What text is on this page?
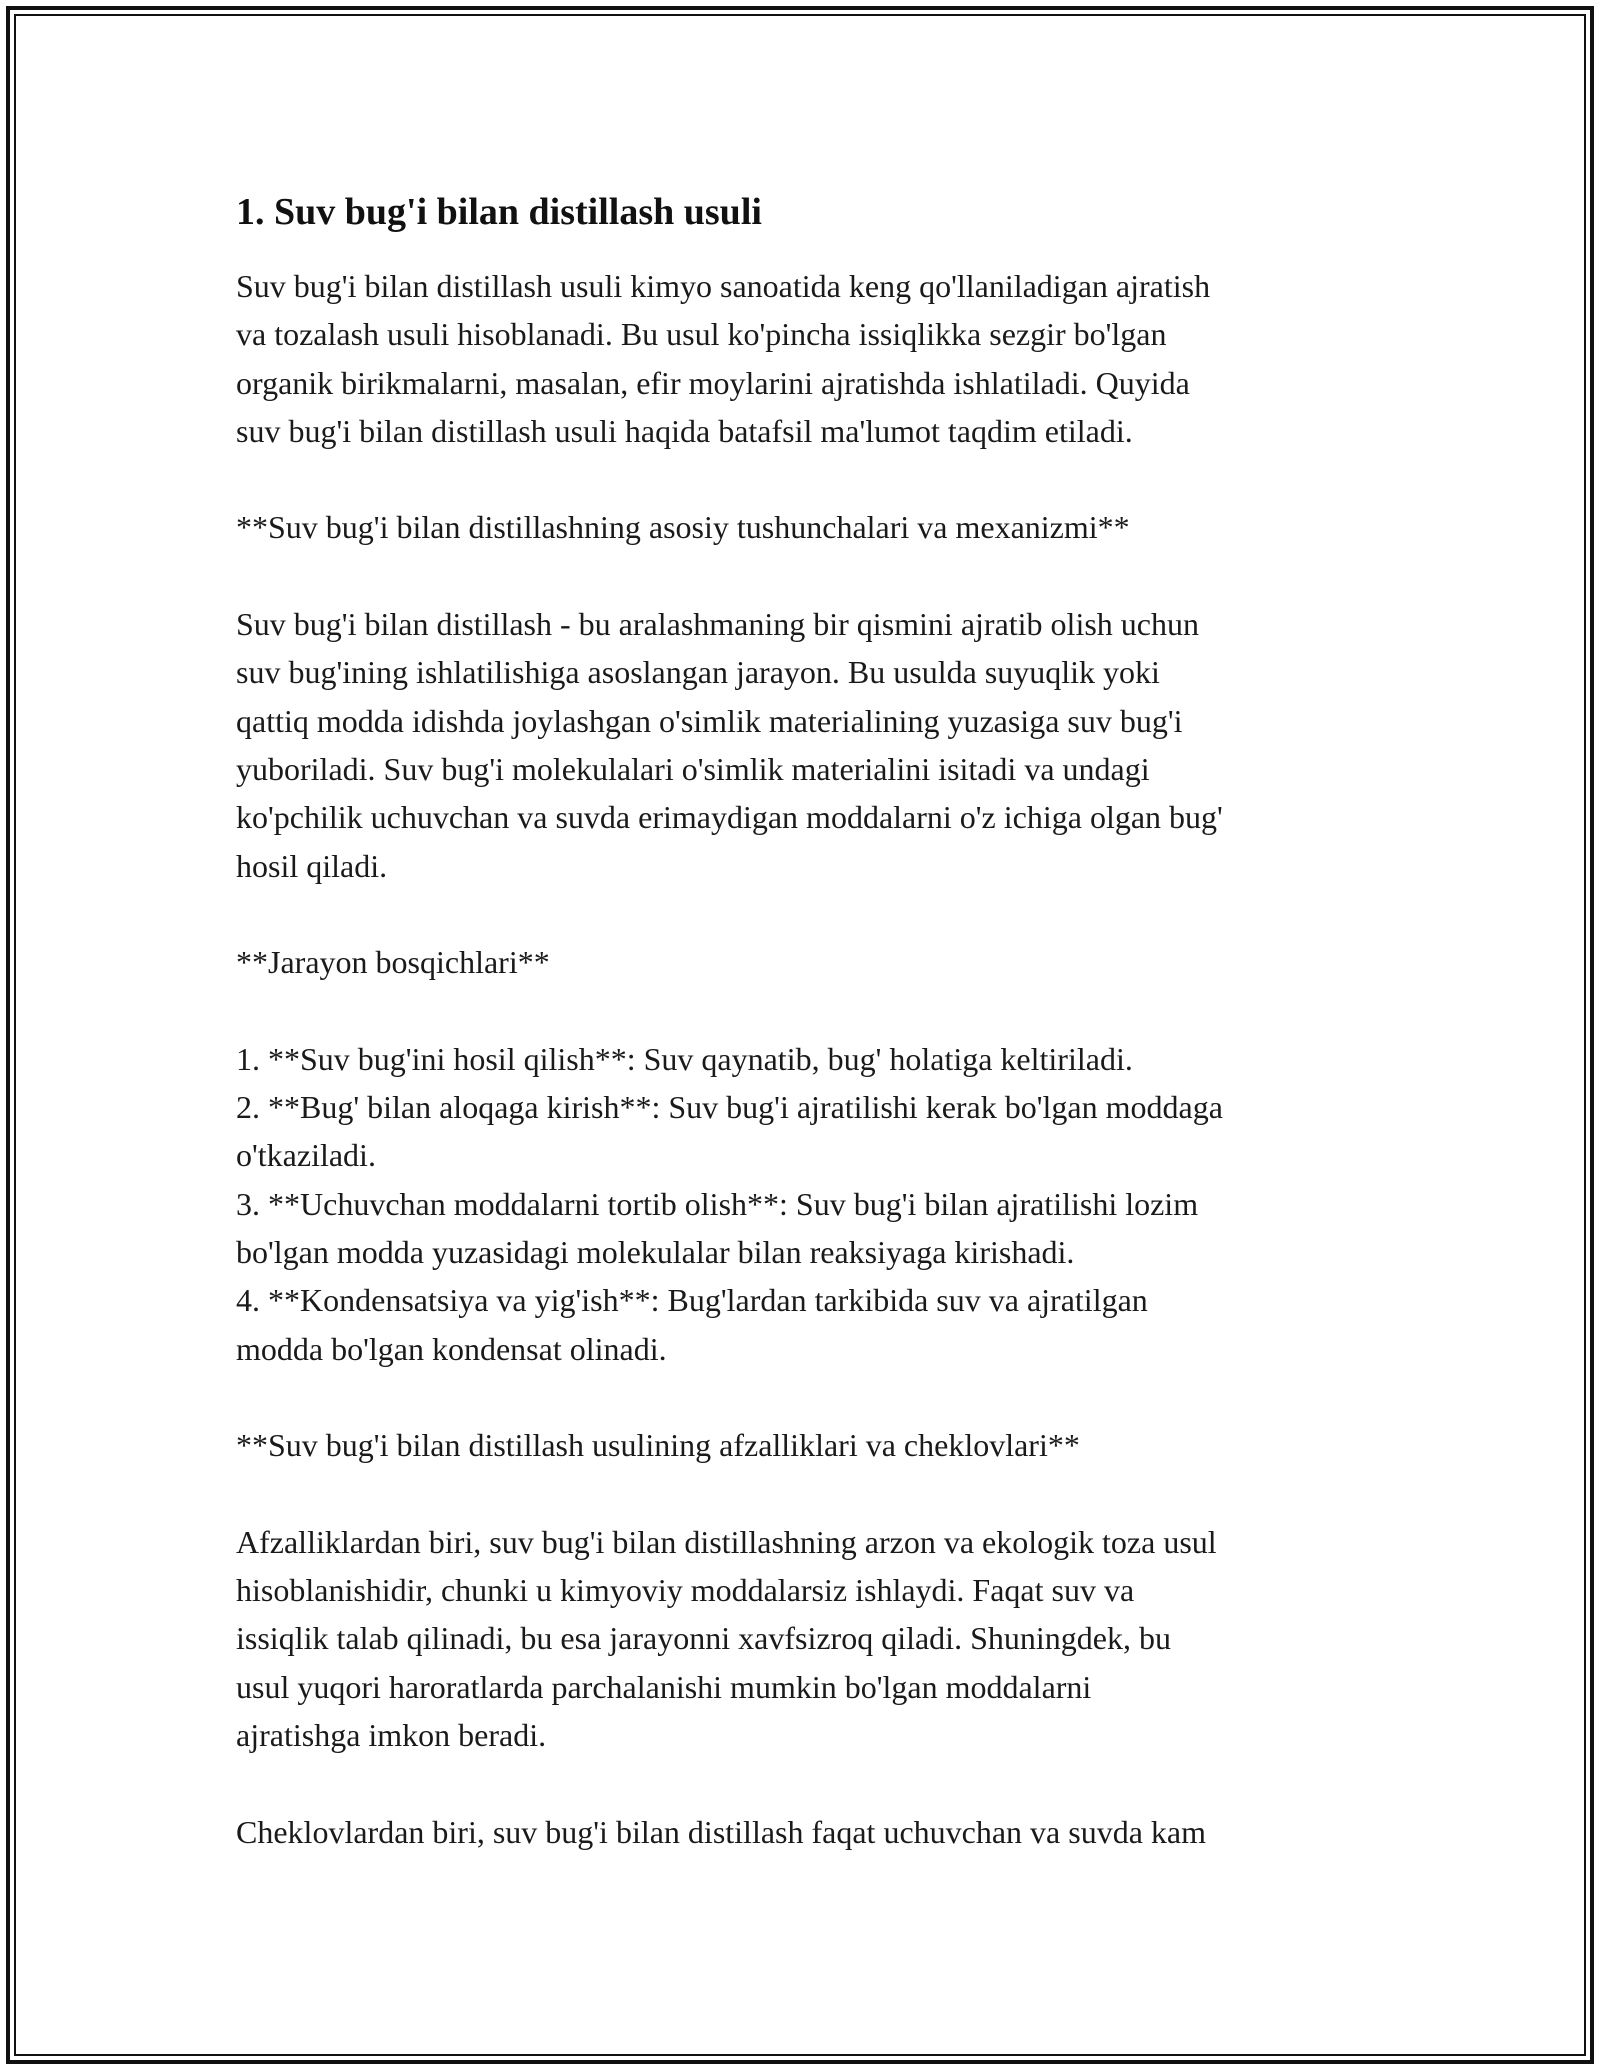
1. Suv bug'i bilan distillash usuli

Suv bug'i bilan distillash usuli kimyo sanoatida keng qo'llaniladigan ajratish
va tozalash usuli hisoblanadi. Bu usul ko'pincha issiqlikka sezgir bo'lgan
organik birikmalarni, masalan, efir moylarini ajratishda ishlatiladi. Quyida
suv bug'i bilan distillash usuli haqida batafsil ma'lumot taqdim etiladi.

**Suv bug'i bilan distillashning asosiy tushunchalari va mexanizmi**

Suv bug'i bilan distillash - bu aralashmaning bir qismini ajratib olish uchun
suv bug'ining ishlatilishiga asoslangan jarayon. Bu usulda suyuqlik yoki
qattiq modda idishda joylashgan o'simlik materialining yuzasiga suv bug'i
yuboriladi. Suv bug'i molekulalari o'simlik materialini isitadi va undagi
ko'pchilik uchuvchan va suvda erimaydigan moddalarni o'z ichiga olgan bug'
hosil qiladi.

**Jarayon bosqichlari**

1. **Suv bug'ini hosil qilish**: Suv qaynatib, bug' holatiga keltiriladi.
2. **Bug' bilan aloqaga kirish**: Suv bug'i ajratilishi kerak bo'lgan moddaga
o'tkaziladi.
3. **Uchuvchan moddalarni tortib olish**: Suv bug'i bilan ajratilishi lozim
bo'lgan modda yuzasidagi molekulalar bilan reaksiyaga kirishadi.
4. **Kondensatsiya va yig'ish**: Bug'lardan tarkibida suv va ajratilgan
modda bo'lgan kondensat olinadi.

**Suv bug'i bilan distillash usulining afzalliklari va cheklovlari**

Afzalliklardan biri, suv bug'i bilan distillashning arzon va ekologik toza usul
hisoblanishidir, chunki u kimyoviy moddalarsiz ishlaydi. Faqat suv va
issiqlik talab qilinadi, bu esa jarayonni xavfsizroq qiladi. Shuningdek, bu
usul yuqori haroratlarda parchalanishi mumkin bo'lgan moddalarni
ajratishga imkon beradi.

Cheklovlardan biri, suv bug'i bilan distillash faqat uchuvchan va suvda kam
